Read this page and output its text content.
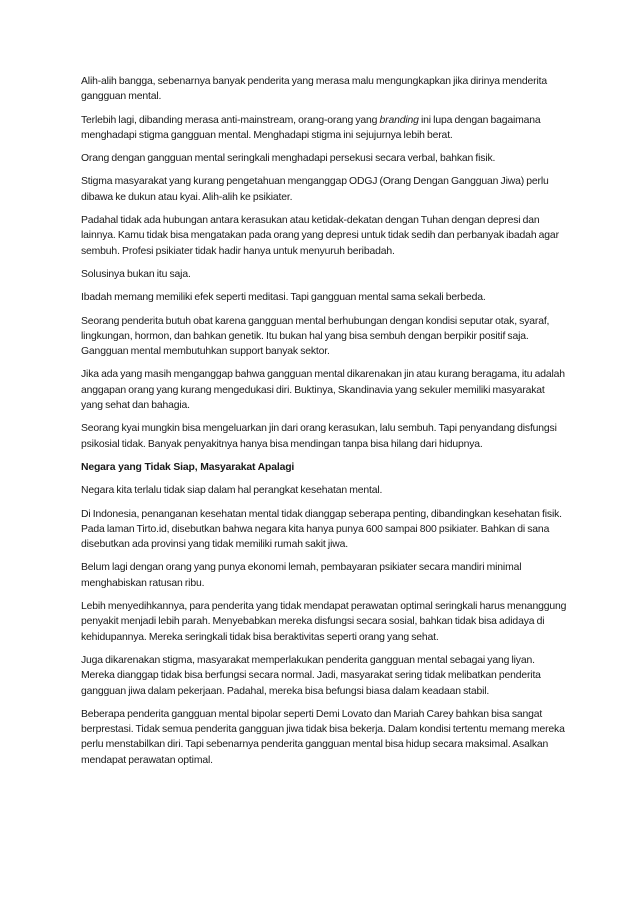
Alih-alih bangga, sebenarnya banyak penderita yang merasa malu mengungkapkan jika dirinya menderita gangguan mental.

Terlebih lagi, dibanding merasa anti-mainstream, orang-orang yang branding ini lupa dengan bagaimana menghadapi stigma gangguan mental. Menghadapi stigma ini sejujurnya lebih berat.

Orang dengan gangguan mental seringkali menghadapi persekusi secara verbal, bahkan fisik.

Stigma masyarakat yang kurang pengetahuan menganggap ODGJ (Orang Dengan Gangguan Jiwa) perlu dibawa ke dukun atau kyai. Alih-alih ke psikiater.

Padahal tidak ada hubungan antara kerasukan atau ketidak-dekatan dengan Tuhan dengan depresi dan lainnya. Kamu tidak bisa mengatakan pada orang yang depresi untuk tidak sedih dan perbanyak ibadah agar sembuh. Profesi psikiater tidak hadir hanya untuk menyuruh beribadah.

Solusinya bukan itu saja.

Ibadah memang memiliki efek seperti meditasi. Tapi gangguan mental sama sekali berbeda.

Seorang penderita butuh obat karena gangguan mental berhubungan dengan kondisi seputar otak, syaraf, lingkungan, hormon, dan bahkan genetik. Itu bukan hal yang bisa sembuh dengan berpikir positif saja. Gangguan mental membutuhkan support banyak sektor.

Jika ada yang masih menganggap bahwa gangguan mental dikarenakan jin atau kurang beragama, itu adalah anggapan orang yang kurang mengedukasi diri. Buktinya, Skandinavia yang sekuler memiliki masyarakat yang sehat dan bahagia.

Seorang kyai mungkin bisa mengeluarkan jin dari orang kerasukan, lalu sembuh. Tapi penyandang disfungsi psikosial tidak. Banyak penyakitnya hanya bisa mendingan tanpa bisa hilang dari hidupnya.

Negara yang Tidak Siap, Masyarakat Apalagi

Negara kita terlalu tidak siap dalam hal perangkat kesehatan mental.

Di Indonesia, penanganan kesehatan mental tidak dianggap seberapa penting, dibandingkan kesehatan fisik. Pada laman Tirto.id, disebutkan bahwa negara kita hanya punya 600 sampai 800 psikiater. Bahkan di sana disebutkan ada provinsi yang tidak memiliki rumah sakit jiwa.

Belum lagi dengan orang yang punya ekonomi lemah, pembayaran psikiater secara mandiri minimal menghabiskan ratusan ribu.

Lebih menyedihkannya, para penderita yang tidak mendapat perawatan optimal seringkali harus menanggung penyakit menjadi lebih parah. Menyebabkan mereka disfungsi secara sosial, bahkan tidak bisa adidaya di kehidupannya. Mereka seringkali tidak bisa beraktivitas seperti orang yang sehat.

Juga dikarenakan stigma, masyarakat memperlakukan penderita gangguan mental sebagai yang liyan. Mereka dianggap tidak bisa berfungsi secara normal. Jadi, masyarakat sering tidak melibatkan penderita gangguan jiwa dalam pekerjaan. Padahal, mereka bisa befungsi biasa dalam keadaan stabil.

Beberapa penderita gangguan mental bipolar seperti Demi Lovato dan Mariah Carey bahkan bisa sangat berprestasi. Tidak semua penderita gangguan jiwa tidak bisa bekerja. Dalam kondisi tertentu memang mereka perlu menstabilkan diri. Tapi sebenarnya penderita gangguan mental bisa hidup secara maksimal. Asalkan mendapat perawatan optimal.
